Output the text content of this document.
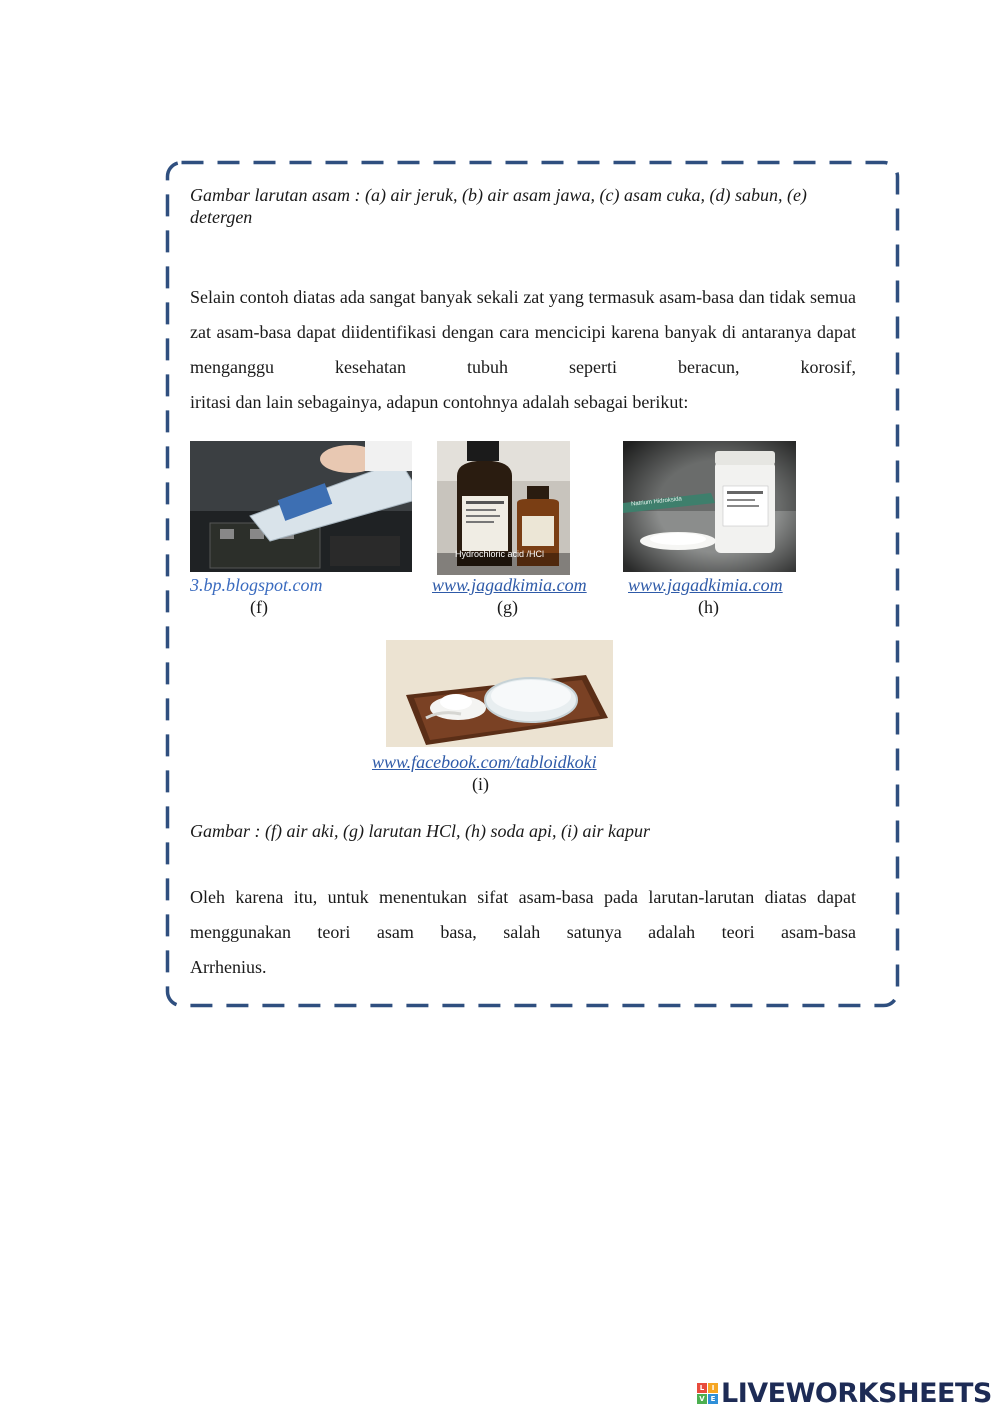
Gambar larutan asam : (a) air jeruk, (b) air asam jawa, (c) asam cuka, (d) sabun, (e) detergen
Selain contoh diatas ada sangat banyak sekali zat yang termasuk asam-basa dan tidak semua zat asam-basa dapat diidentifikasi dengan cara mencicipi karena banyak di antaranya dapat menganggu kesehatan tubuh seperti beracun, korosif,
iritasi dan lain sebagainya, adapun contohnya adalah sebagai berikut:
3.bp.blogspot.com
(f)
Hydrochloric acid /HCl
www.jagadkimia.com
(g)
Natrium Hidroksida
www.jagadkimia.com
(h)
www.facebook.com/tabloidkoki
(i)
Gambar : (f) air aki, (g) larutan HCl, (h) soda api, (i) air kapur
Oleh karena itu, untuk menentukan sifat asam-basa pada larutan-larutan diatas dapat menggunakan teori asam basa, salah satunya adalah teori asam-basa
Arrhenius.
L	I
V E LIVEWORKSHEETS
